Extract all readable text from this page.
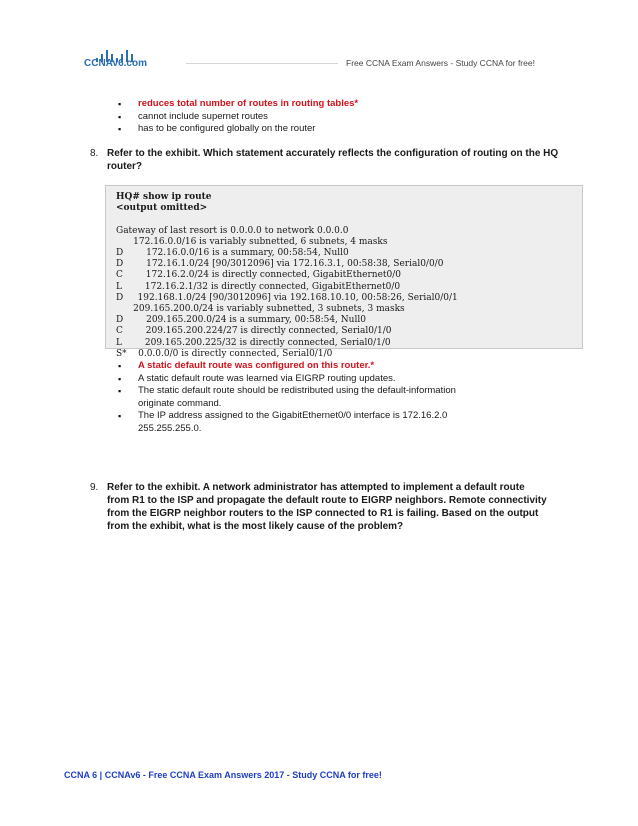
CCNAv6.com	Free CCNA Exam Answers - Study CCNA for free!
▪ reduces total number of routes in routing tables*
▪ cannot include supernet routes
▪ has to be configured globally on the router
8. Refer to the exhibit. Which statement accurately reflects the configuration of routing on the HQ router?
HQ# show ip route
<output omitted>

Gateway of last resort is 0.0.0.0 to network 0.0.0.0
172.16.0.0/16 is variably subnetted, 6 subnets, 4 masks
D        172.16.0.0/16 is a summary, 00:58:54, Null0
D        172.16.1.0/24 [90/3012096] via 172.16.3.1, 00:58:38, Serial0/0/0
C        172.16.2.0/24 is directly connected, GigabitEthernet0/0
L        172.16.2.1/32 is directly connected, GigabitEthernet0/0
D     192.168.1.0/24 [90/3012096] via 192.168.10.10, 00:58:26, Serial0/0/1
209.165.200.0/24 is variably subnetted, 3 subnets, 3 masks
D        209.165.200.0/24 is a summary, 00:58:54, Null0
C        209.165.200.224/27 is directly connected, Serial0/1/0
L        209.165.200.225/32 is directly connected, Serial0/1/0
S*    0.0.0.0/0 is directly connected, Serial0/1/0
▪ A static default route was configured on this router.*
▪ A static default route was learned via EIGRP routing updates.
▪ The static default route should be redistributed using the default-information originate command.
▪ The IP address assigned to the GigabitEthernet0/0 interface is 172.16.2.0 255.255.255.0.
9. Refer to the exhibit. A network administrator has attempted to implement a default route from R1 to the ISP and propagate the default route to EIGRP neighbors. Remote connectivity from the EIGRP neighbor routers to the ISP connected to R1 is failing. Based on the output from the exhibit, what is the most likely cause of the problem?
CCNA 6 | CCNAv6 - Free CCNA Exam Answers 2017 - Study CCNA for free!
